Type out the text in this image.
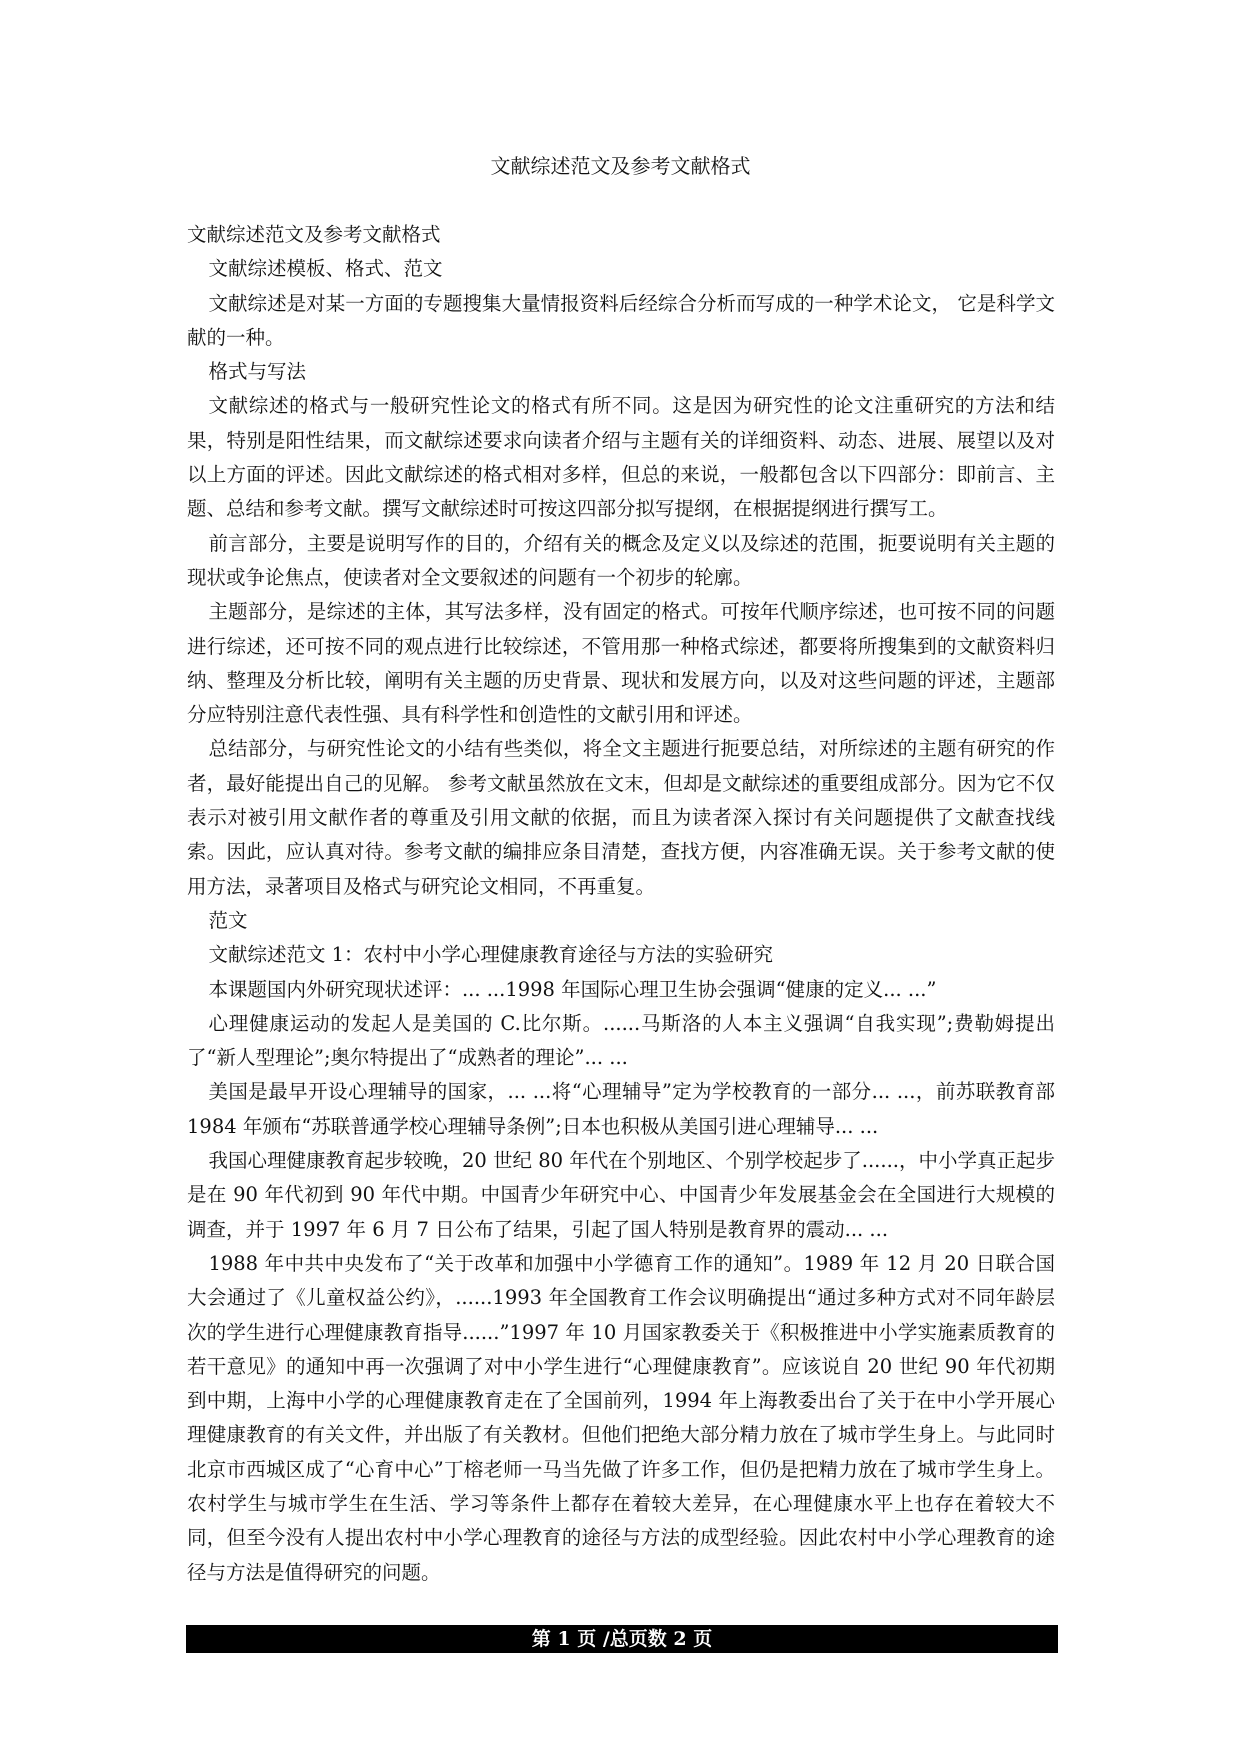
文献综述范文及参考文献格式

文献综述范文及参考文献格式

文献综述模板、格式、范文

文献综述是对某一方面的专题搜集大量情报资料后经综合分析而写成的一种学术论文， 它是科学文献的一种。

格式与写法

文献综述的格式与一般研究性论文的格式有所不同。这是因为研究性的论文注重研究的方法和结果，特别是阳性结果，而文献综述要求向读者介绍与主题有关的详细资料、动态、进展、展望以及对以上方面的评述。因此文献综述的格式相对多样，但总的来说，一般都包含以下四部分：即前言、主题、总结和参考文献。撰写文献综述时可按这四部分拟写提纲，在根据提纲进行撰写工。

前言部分，主要是说明写作的目的，介绍有关的概念及定义以及综述的范围，扼要说明有关主题的现状或争论焦点，使读者对全文要叙述的问题有一个初步的轮廓。

主题部分，是综述的主体，其写法多样，没有固定的格式。可按年代顺序综述，也可按不同的问题进行综述，还可按不同的观点进行比较综述，不管用那一种格式综述，都要将所搜集到的文献资料归纳、整理及分析比较，阐明有关主题的历史背景、现状和发展方向，以及对这些问题的评述，主题部分应特别注意代表性强、具有科学性和创造性的文献引用和评述。

总结部分，与研究性论文的小结有些类似，将全文主题进行扼要总结，对所综述的主题有研究的作者，最好能提出自己的见解。 参考文献虽然放在文末，但却是文献综述的重要组成部分。因为它不仅表示对被引用文献作者的尊重及引用文献的依据，而且为读者深入探讨有关问题提供了文献查找线索。因此，应认真对待。参考文献的编排应条目清楚，查找方便，内容准确无误。关于参考文献的使用方法，录著项目及格式与研究论文相同，不再重复。

范文

文献综述范文 1：农村中小学心理健康教育途径与方法的实验研究

本课题国内外研究现状述评：... ...1998 年国际心理卫生协会强调“健康的定义... ...”

心理健康运动的发起人是美国的 C.比尔斯。......马斯洛的人本主义强调“自我实现”;费勒姆提出了“新人型理论”;奥尔特提出了“成熟者的理论”... ...

美国是最早开设心理辅导的国家，... ...将“心理辅导”定为学校教育的一部分... ...，前苏联教育部 1984 年颁布“苏联普通学校心理辅导条例”;日本也积极从美国引进心理辅导... ...

我国心理健康教育起步较晚，20 世纪 80 年代在个别地区、个别学校起步了......，中小学真正起步是在 90 年代初到 90 年代中期。中国青少年研究中心、中国青少年发展基金会在全国进行大规模的调查，并于 1997 年 6 月 7 日公布了结果，引起了国人特别是教育界的震动... ...

1988 年中共中央发布了“关于改革和加强中小学德育工作的通知”。1989 年 12 月 20 日联合国大会通过了《儿童权益公约》，......1993 年全国教育工作会议明确提出“通过多种方式对不同年龄层次的学生进行心理健康教育指导......”1997 年 10 月国家教委关于《积极推进中小学实施素质教育的若干意见》的通知中再一次强调了对中小学生进行“心理健康教育”。应该说自 20 世纪 90 年代初期到中期，上海中小学的心理健康教育走在了全国前列，1994 年上海教委出台了关于在中小学开展心理健康教育的有关文件，并出版了有关教材。但他们把绝大部分精力放在了城市学生身上。与此同时北京市西城区成了“心育中心”丁榕老师一马当先做了许多工作，但仍是把精力放在了城市学生身上。农村学生与城市学生在生活、学习等条件上都存在着较大差异，在心理健康水平上也存在着较大不同，但至今没有人提出农村中小学心理教育的途径与方法的成型经验。因此农村中小学心理教育的途径与方法是值得研究的问题。

第 1 页 /总页数 2 页
